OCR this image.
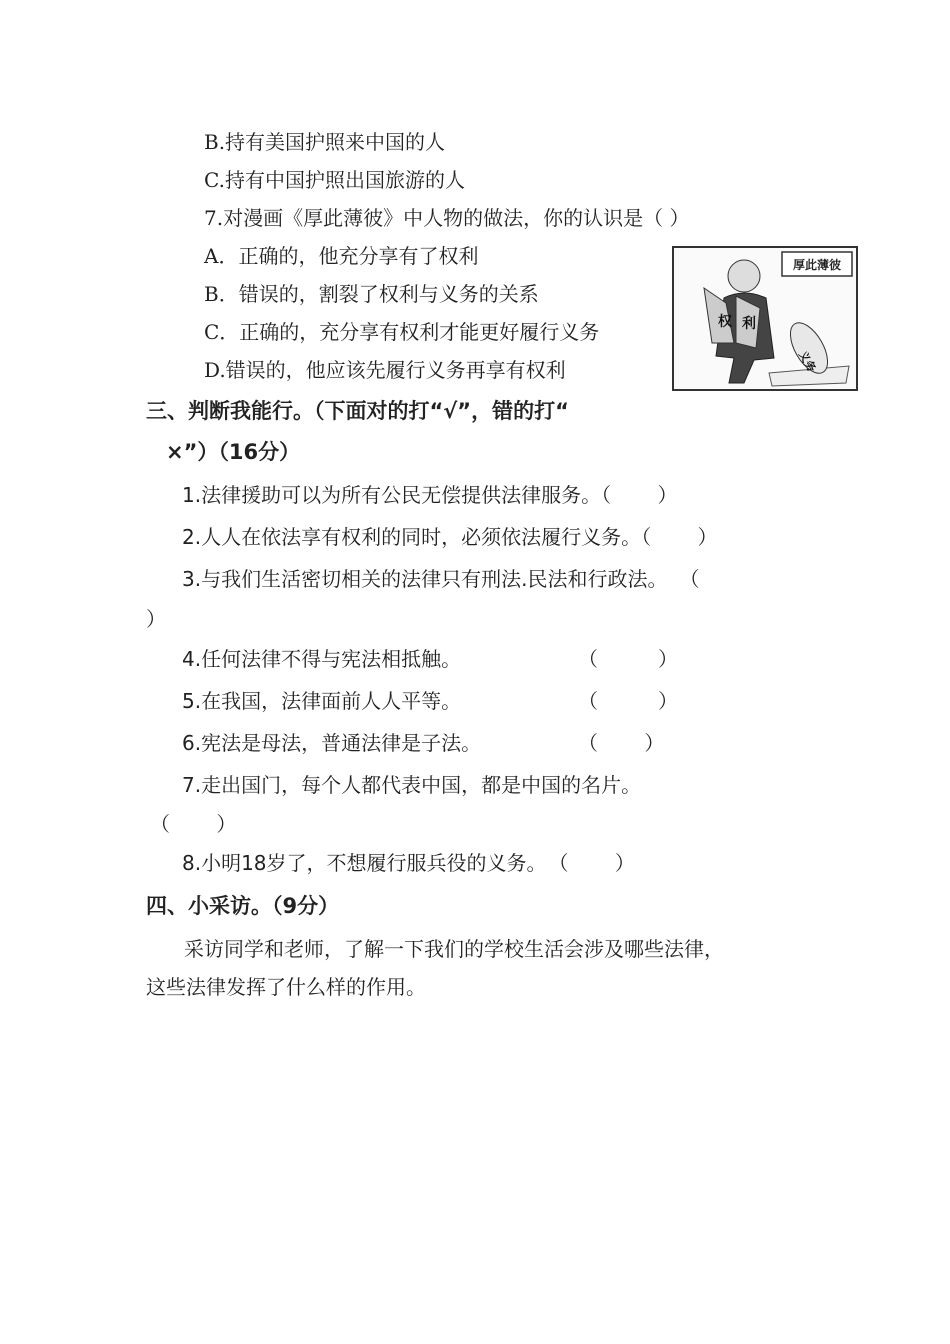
B.持有美国护照来中国的人
C.持有中国护照出国旅游的人
7.对漫画《厚此薄彼》中人物的做法，你的认识是（ ）
A．正确的，他充分享有了权利
B．错误的，割裂了权利与义务的关系
C．正确的，充分享有权利才能更好履行义务
D.错误的，他应该先履行义务再享有权利
厚此薄彼
权 利
义务
三、判断我能行。（下面对的打“√”，错的打“
×”）（16分）
1.法律援助可以为所有公民无偿提供法律服务。（　　 ）
2.人人在依法享有权利的同时，必须依法履行义务。（　　 ）
3.与我们生活密切相关的法律只有刑法.民法和行政法。 （
）
4.任何法律不得与宪法相抵触。	（　　　）
5.在我国，法律面前人人平等。	（　　　）
6.宪法是母法，普通法律是子法。	（　　 ）
7.走出国门，每个人都代表中国，都是中国的名片。
（　　 ）
8.小明18岁了，不想履行服兵役的义务。 （　　 ）
四、小采访。（9分）
采访同学和老师，了解一下我们的学校生活会涉及哪些法律，
这些法律发挥了什么样的作用。
